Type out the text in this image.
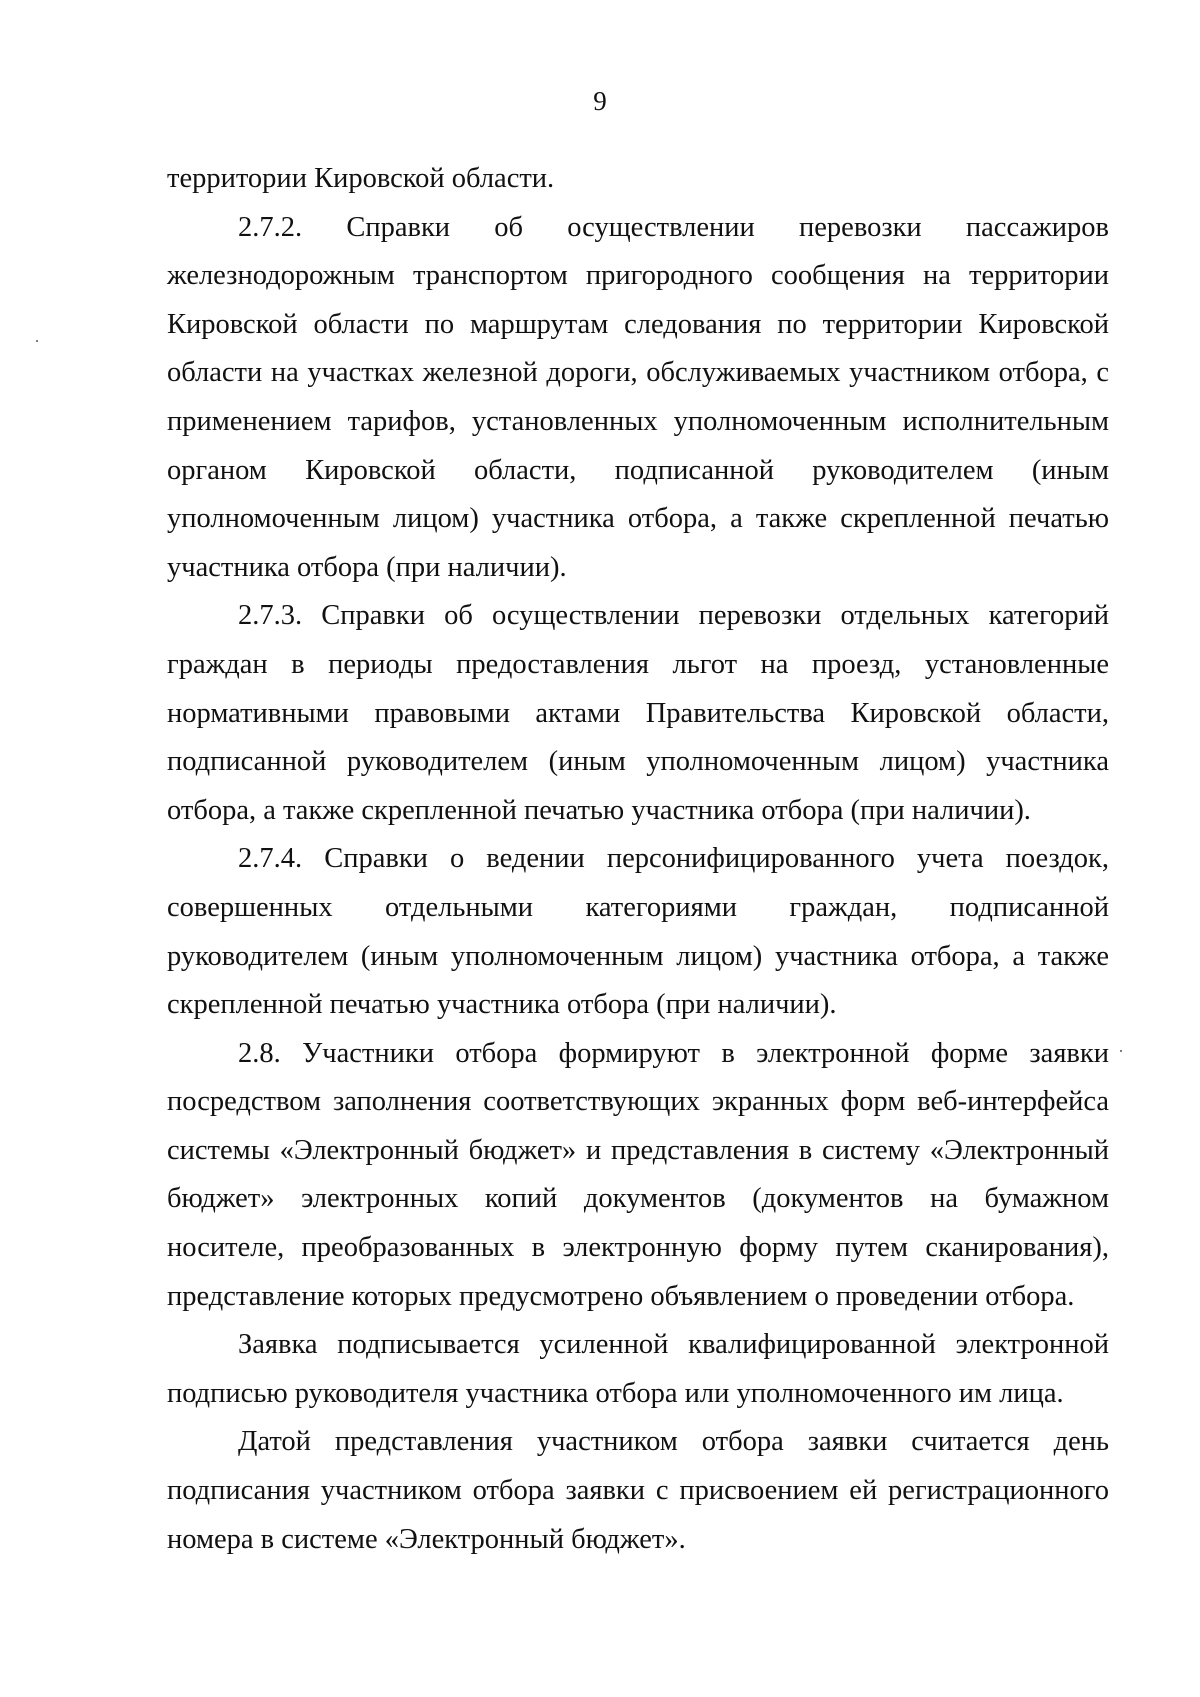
9

территории Кировской области.

2.7.2. Справки об осуществлении перевозки пассажиров железнодорожным транспортом пригородного сообщения на территории Кировской области по маршрутам следования по территории Кировской области на участках железной дороги, обслуживаемых участником отбора, с применением тарифов, установленных уполномоченным исполнительным органом Кировской области, подписанной руководителем (иным уполномоченным лицом) участника отбора, а также скрепленной печатью участника отбора (при наличии).

2.7.3. Справки об осуществлении перевозки отдельных категорий граждан в периоды предоставления льгот на проезд, установленные нормативными правовыми актами Правительства Кировской области, подписанной руководителем (иным уполномоченным лицом) участника отбора, а также скрепленной печатью участника отбора (при наличии).

2.7.4. Справки о ведении персонифицированного учета поездок, совершенных отдельными категориями граждан, подписанной руководителем (иным уполномоченным лицом) участника отбора, а также скрепленной печатью участника отбора (при наличии).

2.8. Участники отбора формируют в электронной форме заявки посредством заполнения соответствующих экранных форм веб-интерфейса системы «Электронный бюджет» и представления в систему «Электронный бюджет» электронных копий документов (документов на бумажном носителе, преобразованных в электронную форму путем сканирования), представление которых предусмотрено объявлением о проведении отбора.

Заявка подписывается усиленной квалифицированной электронной подписью руководителя участника отбора или уполномоченного им лица.

Датой представления участником отбора заявки считается день подписания участником отбора заявки с присвоением ей регистрационного номера в системе «Электронный бюджет».
